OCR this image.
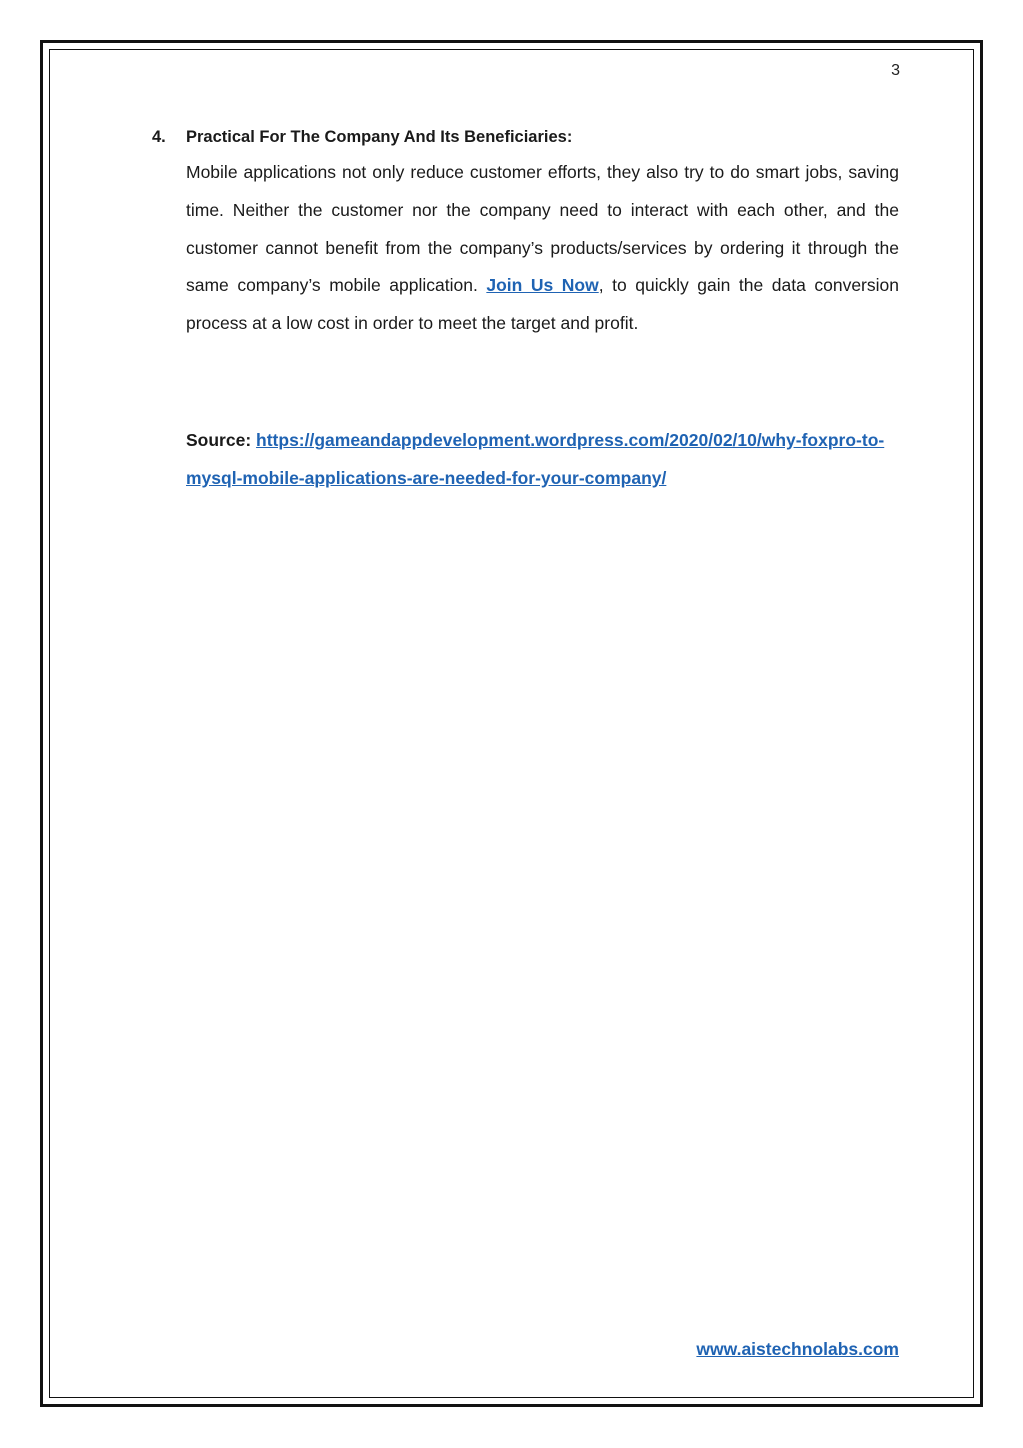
3
4.	Practical For The Company And Its Beneficiaries:

Mobile applications not only reduce customer efforts, they also try to do smart jobs, saving time. Neither the customer nor the company need to interact with each other, and the customer cannot benefit from the company’s products/services by ordering it through the same company’s mobile application. Join Us Now, to quickly gain the data conversion process at a low cost in order to meet the target and profit.

Source: https://gameandappdevelopment.wordpress.com/2020/02/10/why-foxpro-to-mysql-mobile-applications-are-needed-for-your-company/

www.aistechnolabs.com
